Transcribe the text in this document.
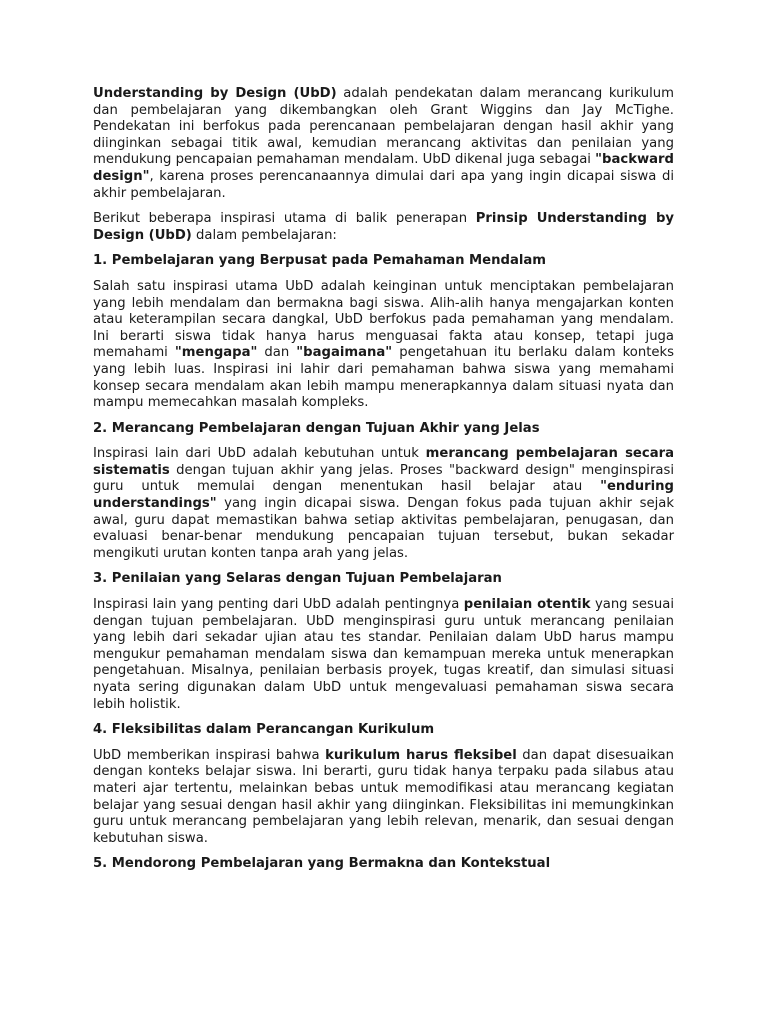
Understanding by Design (UbD) adalah pendekatan dalam merancang kurikulum dan pembelajaran yang dikembangkan oleh Grant Wiggins dan Jay McTighe. Pendekatan ini berfokus pada perencanaan pembelajaran dengan hasil akhir yang diinginkan sebagai titik awal, kemudian merancang aktivitas dan penilaian yang mendukung pencapaian pemahaman mendalam. UbD dikenal juga sebagai "backward design", karena proses perencanaannya dimulai dari apa yang ingin dicapai siswa di akhir pembelajaran.

Berikut beberapa inspirasi utama di balik penerapan Prinsip Understanding by Design (UbD) dalam pembelajaran:

1. Pembelajaran yang Berpusat pada Pemahaman Mendalam

Salah satu inspirasi utama UbD adalah keinginan untuk menciptakan pembelajaran yang lebih mendalam dan bermakna bagi siswa. Alih-alih hanya mengajarkan konten atau keterampilan secara dangkal, UbD berfokus pada pemahaman yang mendalam. Ini berarti siswa tidak hanya harus menguasai fakta atau konsep, tetapi juga memahami "mengapa" dan "bagaimana" pengetahuan itu berlaku dalam konteks yang lebih luas. Inspirasi ini lahir dari pemahaman bahwa siswa yang memahami konsep secara mendalam akan lebih mampu menerapkannya dalam situasi nyata dan mampu memecahkan masalah kompleks.

2. Merancang Pembelajaran dengan Tujuan Akhir yang Jelas

Inspirasi lain dari UbD adalah kebutuhan untuk merancang pembelajaran secara sistematis dengan tujuan akhir yang jelas. Proses "backward design" menginspirasi guru untuk memulai dengan menentukan hasil belajar atau "enduring understandings" yang ingin dicapai siswa. Dengan fokus pada tujuan akhir sejak awal, guru dapat memastikan bahwa setiap aktivitas pembelajaran, penugasan, dan evaluasi benar-benar mendukung pencapaian tujuan tersebut, bukan sekadar mengikuti urutan konten tanpa arah yang jelas.

3. Penilaian yang Selaras dengan Tujuan Pembelajaran

Inspirasi lain yang penting dari UbD adalah pentingnya penilaian otentik yang sesuai dengan tujuan pembelajaran. UbD menginspirasi guru untuk merancang penilaian yang lebih dari sekadar ujian atau tes standar. Penilaian dalam UbD harus mampu mengukur pemahaman mendalam siswa dan kemampuan mereka untuk menerapkan pengetahuan. Misalnya, penilaian berbasis proyek, tugas kreatif, dan simulasi situasi nyata sering digunakan dalam UbD untuk mengevaluasi pemahaman siswa secara lebih holistik.

4. Fleksibilitas dalam Perancangan Kurikulum

UbD memberikan inspirasi bahwa kurikulum harus fleksibel dan dapat disesuaikan dengan konteks belajar siswa. Ini berarti, guru tidak hanya terpaku pada silabus atau materi ajar tertentu, melainkan bebas untuk memodifikasi atau merancang kegiatan belajar yang sesuai dengan hasil akhir yang diinginkan. Fleksibilitas ini memungkinkan guru untuk merancang pembelajaran yang lebih relevan, menarik, dan sesuai dengan kebutuhan siswa.

5. Mendorong Pembelajaran yang Bermakna dan Kontekstual
